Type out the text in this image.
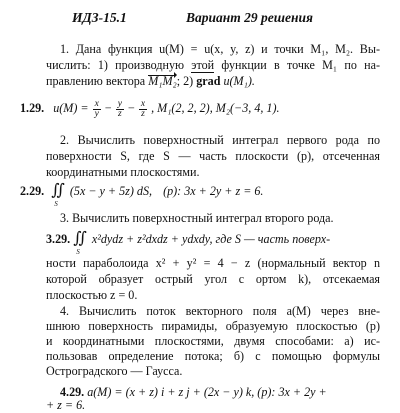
ИДЗ-15.1	Вариант 29 решения
1. Дана функция u(M) = u(x, y, z) и точки M₁, M₂. Вы-
числить: 1) производную этой функции в точке M₁ по на-
правлению вектора M₁M₂; 2) grad u(M₁).
1.29. $u(M) = \frac{x}{y} - \frac{y}{z} - \frac{x}{z}$ , M₁(2, 2, 2), M₂(−3, 4, 1).
2. Вычислить поверхностный интеграл первого рода по
поверхности S, где S — часть плоскости (p), отсеченная
координатными плоскостями.
2.29. ∬
S
(5x − y + 5z) dS, (p): 3x + 2y + z = 6.
3. Вычислить поверхностный интеграл второго рода.
3.29. ∬
S
x²dydz + z²dxdz + ydxdy, где S — часть поверх-
ности параболоида x² + y² = 4 − z (нормальный вектор n
которой образует острый угол с ортом k), отсекаемая
плоскостью z = 0.
4. Вычислить поток векторного поля a(M) через вне-
шнюю поверхность пирамиды, образуемую плоскостью (p)
и координатными плоскостями, двумя способами: а) ис-
пользовав определение потока; б) с помощью формулы
Остроградского — Гаусса.
4.29. a(M) = (x + z) i + z j + (2x − y) k, (p): 3x + 2y +
+ z = 6.
